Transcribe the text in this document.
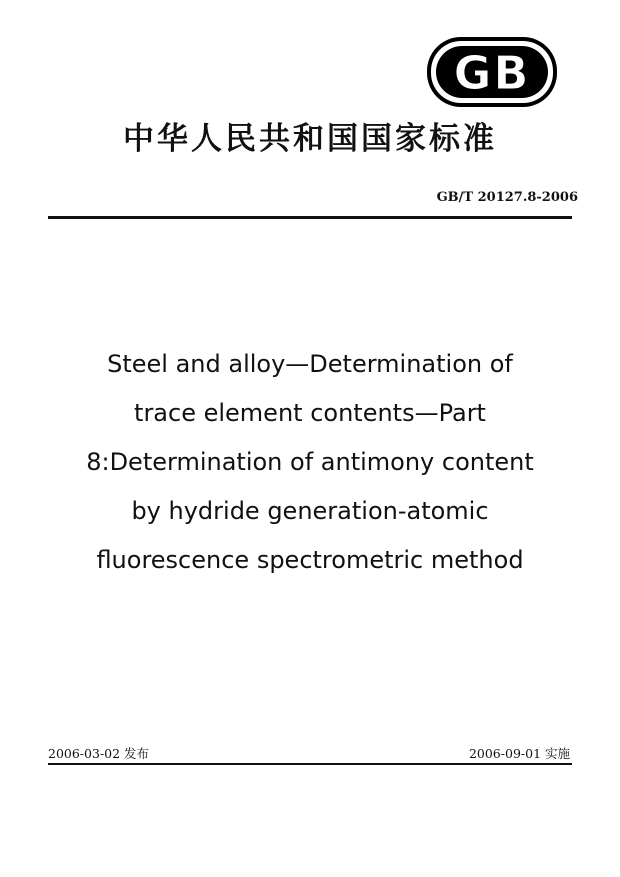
GB
中华人民共和国国家标准
GB/T 20127.8-2006
Steel and alloy—Determination of
trace element contents—Part
8:Determination of antimony content
by hydride generation-atomic
fluorescence spectrometric method
2006-03-02 发布	2006-09-01 实施
